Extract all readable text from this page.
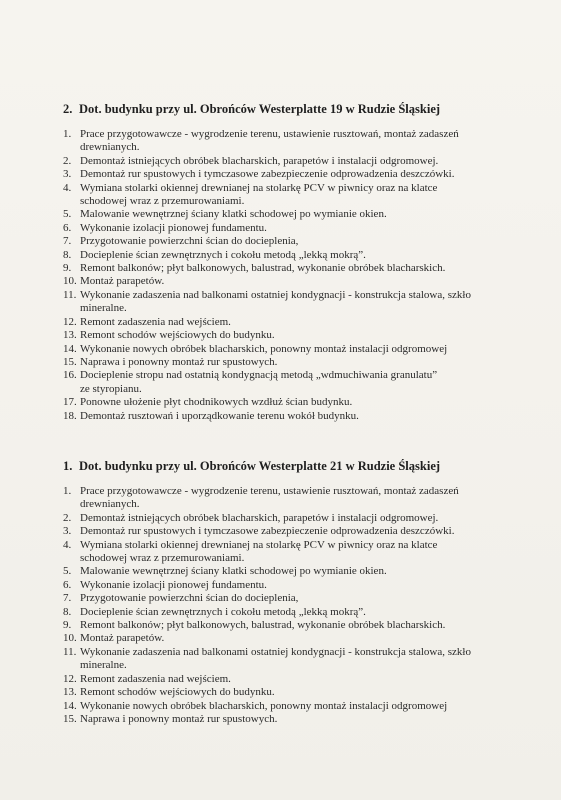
2. Dot. budynku przy ul. Obrońców Westerplatte 19 w Rudzie Śląskiej
1. Prace przygotowawcze - wygrodzenie terenu, ustawienie rusztowań, montaż zadaszeń
drewnianych.
2. Demontaż istniejących obróbek blacharskich, parapetów i instalacji odgromowej.
3. Demontaż rur spustowych i tymczasowe zabezpieczenie odprowadzenia deszczówki.
4. Wymiana stolarki okiennej drewnianej na stolarkę PCV w piwnicy oraz na klatce
schodowej wraz z przemurowaniami.
5. Malowanie wewnętrznej ściany klatki schodowej po wymianie okien.
6. Wykonanie izolacji pionowej fundamentu.
7. Przygotowanie powierzchni ścian do docieplenia,
8. Docieplenie ścian zewnętrznych i cokołu metodą „lekką mokrą”.
9. Remont balkonów; płyt balkonowych, balustrad, wykonanie obróbek blacharskich.
10. Montaż parapetów.
11. Wykonanie zadaszenia nad balkonami ostatniej kondygnacji - konstrukcja stalowa, szkło
mineralne.
12. Remont zadaszenia nad wejściem.
13. Remont schodów wejściowych do budynku.
14. Wykonanie nowych obróbek blacharskich, ponowny montaż instalacji odgromowej
15. Naprawa i ponowny montaż rur spustowych.
16. Docieplenie stropu nad ostatnią kondygnacją metodą „wdmuchiwania granulatu”
ze styropianu.
17. Ponowne ułożenie płyt chodnikowych wzdłuż ścian budynku.
18. Demontaż rusztowań i uporządkowanie terenu wokół budynku.
1. Dot. budynku przy ul. Obrońców Westerplatte 21 w Rudzie Śląskiej
1. Prace przygotowawcze - wygrodzenie terenu, ustawienie rusztowań, montaż zadaszeń
drewnianych.
2. Demontaż istniejących obróbek blacharskich, parapetów i instalacji odgromowej.
3. Demontaż rur spustowych i tymczasowe zabezpieczenie odprowadzenia deszczówki.
4. Wymiana stolarki okiennej drewnianej na stolarkę PCV w piwnicy oraz na klatce
schodowej wraz z przemurowaniami.
5. Malowanie wewnętrznej ściany klatki schodowej po wymianie okien.
6. Wykonanie izolacji pionowej fundamentu.
7. Przygotowanie powierzchni ścian do docieplenia,
8. Docieplenie ścian zewnętrznych i cokołu metodą „lekką mokrą”.
9. Remont balkonów; płyt balkonowych, balustrad, wykonanie obróbek blacharskich.
10. Montaż parapetów.
11. Wykonanie zadaszenia nad balkonami ostatniej kondygnacji - konstrukcja stalowa, szkło
mineralne.
12. Remont zadaszenia nad wejściem.
13. Remont schodów wejściowych do budynku.
14. Wykonanie nowych obróbek blacharskich, ponowny montaż instalacji odgromowej
15. Naprawa i ponowny montaż rur spustowych.
